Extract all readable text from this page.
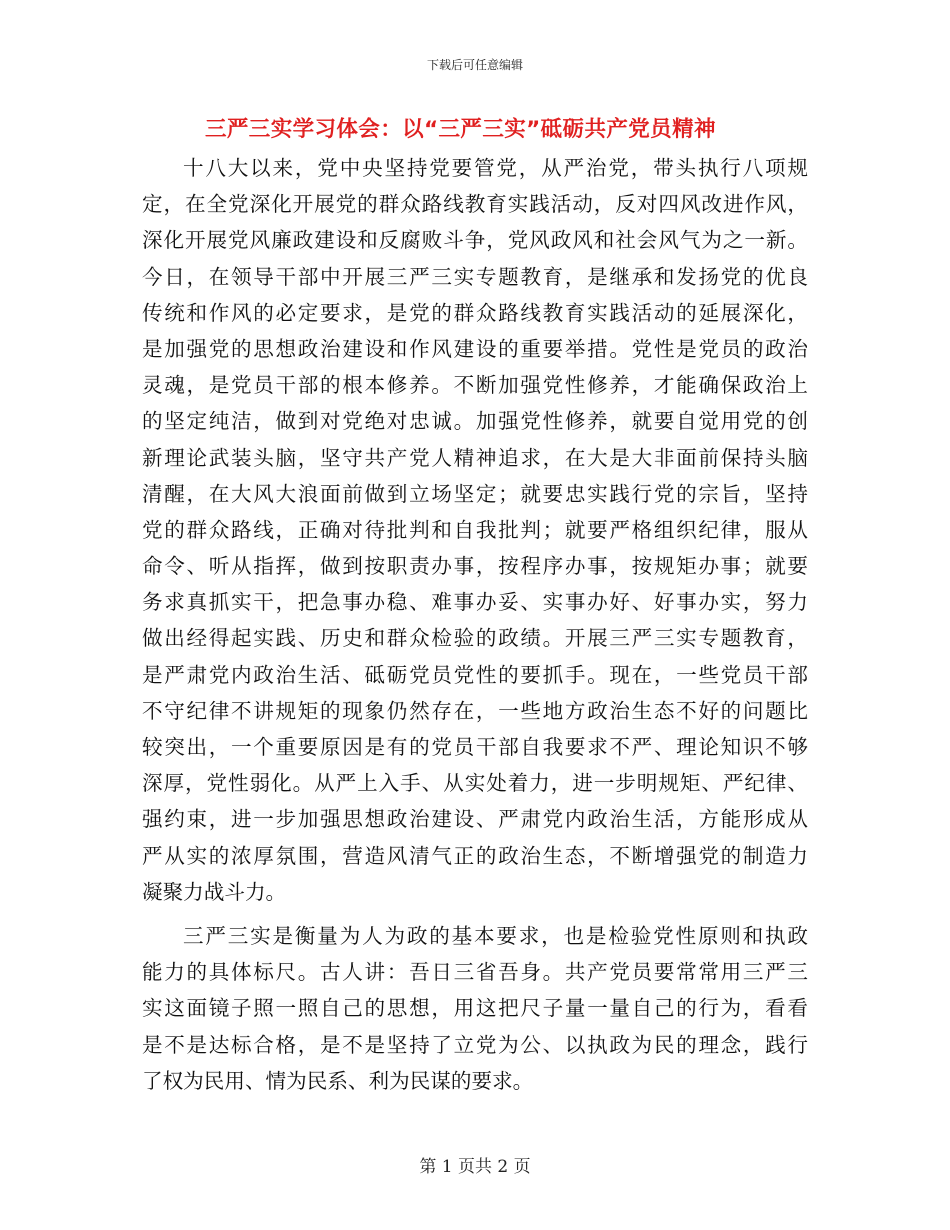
下载后可任意编辑
三严三实学习体会：以“三严三实”砥砺共产党员精神
十八大以来，党中央坚持党要管党，从严治党，带头执行八项规
定，在全党深化开展党的群众路线教育实践活动，反对四风改进作风，
深化开展党风廉政建设和反腐败斗争，党风政风和社会风气为之一新。
今日，在领导干部中开展三严三实专题教育，是继承和发扬党的优良
传统和作风的必定要求，是党的群众路线教育实践活动的延展深化，
是加强党的思想政治建设和作风建设的重要举措。党性是党员的政治
灵魂，是党员干部的根本修养。不断加强党性修养，才能确保政治上
的坚定纯洁，做到对党绝对忠诚。加强党性修养，就要自觉用党的创
新理论武装头脑，坚守共产党人精神追求，在大是大非面前保持头脑
清醒，在大风大浪面前做到立场坚定；就要忠实践行党的宗旨，坚持
党的群众路线，正确对待批判和自我批判；就要严格组织纪律，服从
命令、听从指挥，做到按职责办事，按程序办事，按规矩办事；就要
务求真抓实干，把急事办稳、难事办妥、实事办好、好事办实，努力
做出经得起实践、历史和群众检验的政绩。开展三严三实专题教育，
是严肃党内政治生活、砥砺党员党性的要抓手。现在，一些党员干部
不守纪律不讲规矩的现象仍然存在，一些地方政治生态不好的问题比
较突出，一个重要原因是有的党员干部自我要求不严、理论知识不够
深厚，党性弱化。从严上入手、从实处着力，进一步明规矩、严纪律、
强约束，进一步加强思想政治建设、严肃党内政治生活，方能形成从
严从实的浓厚氛围，营造风清气正的政治生态，不断增强党的制造力
凝聚力战斗力。
三严三实是衡量为人为政的基本要求，也是检验党性原则和执政
能力的具体标尺。古人讲：吾日三省吾身。共产党员要常常用三严三
实这面镜子照一照自己的思想，用这把尺子量一量自己的行为，看看
是不是达标合格，是不是坚持了立党为公、以执政为民的理念，践行
了权为民用、情为民系、利为民谋的要求。
第 1 页共 2 页
